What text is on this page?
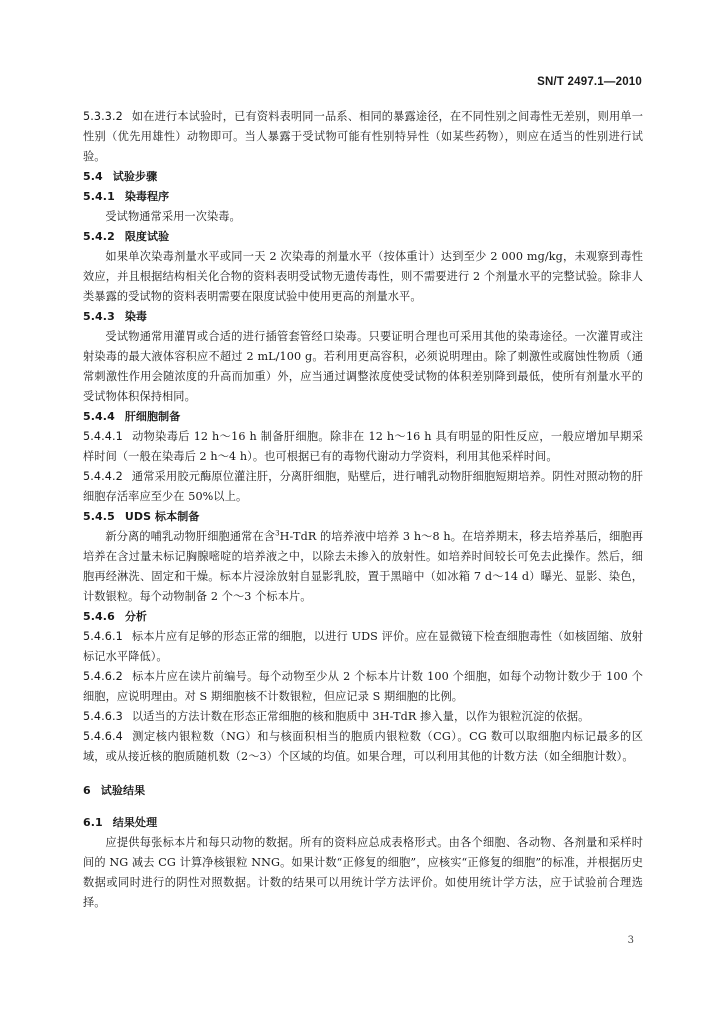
SN/T 2497.1—2010

5.3.3.2 如在进行本试验时，已有资料表明同一品系、相同的暴露途径，在不同性别之间毒性无差别，则用单一性别（优先用雄性）动物即可。当人暴露于受试物可能有性别特异性（如某些药物），则应在适当的性别进行试验。

5.4 试验步骤

5.4.1 染毒程序

受试物通常采用一次染毒。

5.4.2 限度试验

如果单次染毒剂量水平或同一天 2 次染毒的剂量水平（按体重计）达到至少 2 000 mg/kg，未观察到毒性效应，并且根据结构相关化合物的资料表明受试物无遗传毒性，则不需要进行 2 个剂量水平的完整试验。除非人类暴露的受试物的资料表明需要在限度试验中使用更高的剂量水平。

5.4.3 染毒

受试物通常用灌胃或合适的进行插管套管经口染毒。只要证明合理也可采用其他的染毒途径。一次灌胃或注射染毒的最大液体容积应不超过 2 mL/100 g。若利用更高容积，必须说明理由。除了刺激性或腐蚀性物质（通常刺激性作用会随浓度的升高而加重）外，应当通过调整浓度使受试物的体积差别降到最低，使所有剂量水平的受试物体积保持相同。

5.4.4 肝细胞制备

5.4.4.1 动物染毒后 12 h～16 h 制备肝细胞。除非在 12 h～16 h 具有明显的阳性反应，一般应增加早期采样时间（一般在染毒后 2 h～4 h）。也可根据已有的毒物代谢动力学资料，利用其他采样时间。

5.4.4.2 通常采用胶元酶原位灌注肝，分离肝细胞，贴壁后，进行哺乳动物肝细胞短期培养。阴性对照动物的肝细胞存活率应至少在 50%以上。

5.4.5 UDS 标本制备

新分离的哺乳动物肝细胞通常在含$^3$H-TdR 的培养液中培养 3 h～8 h。在培养期末，移去培养基后，细胞再培养在含过量未标记胸腺嘧啶的培养液之中，以除去未掺入的放射性。如培养时间较长可免去此操作。然后，细胞再经淋洗、固定和干燥。标本片浸涂放射自显影乳胶，置于黑暗中（如冰箱 7 d～14 d）曝光、显影、染色，计数银粒。每个动物制备 2 个～3 个标本片。

5.4.6 分析

5.4.6.1 标本片应有足够的形态正常的细胞，以进行 UDS 评价。应在显微镜下检查细胞毒性（如核固缩、放射标记水平降低）。

5.4.6.2 标本片应在读片前编号。每个动物至少从 2 个标本片计数 100 个细胞，如每个动物计数少于 100 个细胞，应说明理由。对 S 期细胞核不计数银粒，但应记录 S 期细胞的比例。

5.4.6.3 以适当的方法计数在形态正常细胞的核和胞质中 3H-TdR 掺入量，以作为银粒沉淀的依据。

5.4.6.4 测定核内银粒数（NG）和与核面积相当的胞质内银粒数（CG）。CG 数可以取细胞内标记最多的区域，或从接近核的胞质随机数（2～3）个区域的均值。如果合理，可以利用其他的计数方法（如全细胞计数）。

6 试验结果

6.1 结果处理

应提供每张标本片和每只动物的数据。所有的资料应总成表格形式。由各个细胞、各动物、各剂量和采样时间的 NG 减去 CG 计算净核银粒 NNG。如果计数“正修复的细胞”，应核实“正修复的细胞”的标准，并根据历史数据或同时进行的阴性对照数据。计数的结果可以用统计学方法评价。如使用统计学方法，应于试验前合理选择。

3
